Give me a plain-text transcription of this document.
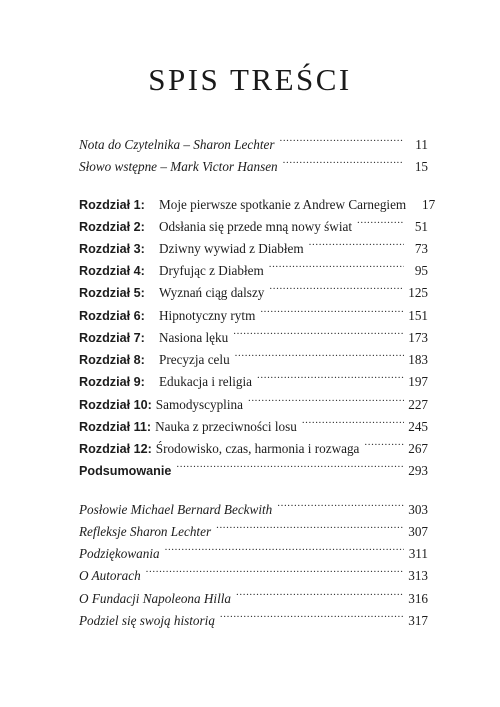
SPIS TREŚCI
Nota do Czytelnika – Sharon Lechter .....	11
Słowo wstępne – Mark Victor Hansen .....	15
Rozdział 1:	Moje pierwsze spotkanie z Andrew Carnegiem	17
Rozdział 2:	Odsłania się przede mną nowy świat .....	51
Rozdział 3:	Dziwny wywiad z Diabłem .....	73
Rozdział 4:	Dryfując z Diabłem .....	95
Rozdział 5:	Wyznań ciąg dalszy .....	125
Rozdział 6:	Hipnotyczny rytm .....	151
Rozdział 7:	Nasiona lęku .....	173
Rozdział 8:	Precyzja celu .....	183
Rozdział 9:	Edukacja i religia .....	197
Rozdział 10: Samodyscyplina .....	227
Rozdział 11: Nauka z przeciwności losu .....	245
Rozdział 12: Środowisko, czas, harmonia i rozwaga .....	267
Podsumowanie .....	293
Posłowie Michael Bernard Beckwith .....	303
Refleksje Sharon Lechter .....	307
Podziękowania .....	311
O Autorach .....	313
O Fundacji Napoleona Hilla .....	316
Podziel się swoją historią .....	317
